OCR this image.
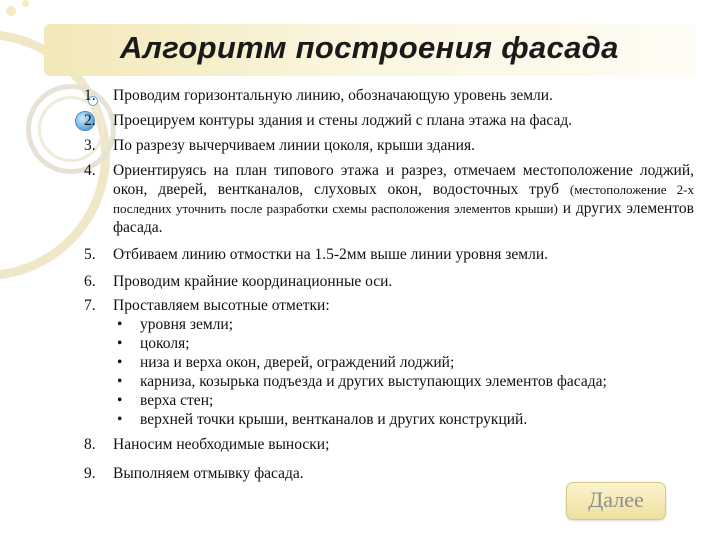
Алгоритм построения фасада
1. Проводим горизонтальную линию, обозначающую уровень земли.
2. Проецируем контуры здания и стены лоджий с плана этажа на фасад.
3. По разрезу вычерчиваем линии цоколя, крыши здания.
4. Ориентируясь на план типового этажа и разрез, отмечаем местоположение лоджий, окон, дверей, вентканалов, слуховых окон, водосточных труб (местоположение 2-х последних уточнить после разработки схемы расположения элементов крыши) и других элементов фасада.
5. Отбиваем линию отмостки на 1.5-2мм выше линии уровня земли.
6. Проводим крайние координационные оси.
7. Проставляем высотные отметки:
• уровня земли;
• цоколя;
• низа и верха окон, дверей, ограждений лоджий;
• карниза, козырька подъезда и других выступающих элементов фасада;
• верха стен;
• верхней точки крыши, вентканалов и других конструкций.
8. Наносим необходимые выноски;
9. Выполняем отмывку фасада.
Далее
